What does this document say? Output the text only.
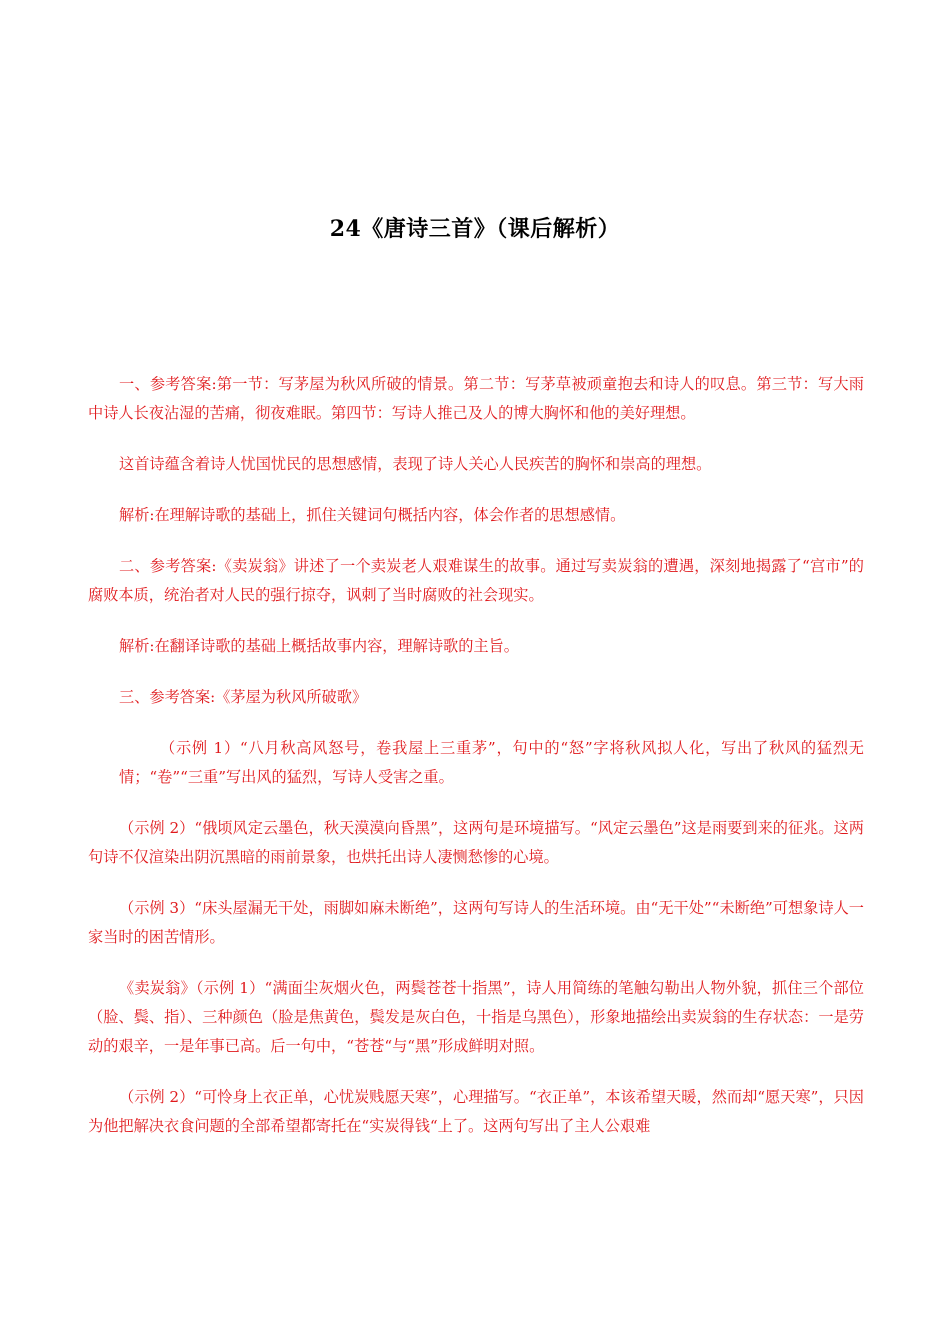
24《唐诗三首》（课后解析）

一、参考答案:第一节：写茅屋为秋风所破的情景。第二节：写茅草被顽童抱去和诗人的叹息。第三节：写大雨中诗人长夜沾湿的苦痛，彻夜难眠。第四节：写诗人推己及人的博大胸怀和他的美好理想。

这首诗蕴含着诗人忧国忧民的思想感情，表现了诗人关心人民疾苦的胸怀和崇高的理想。

解析:在理解诗歌的基础上，抓住关键词句概括内容，体会作者的思想感情。

二、参考答案:《卖炭翁》讲述了一个卖炭老人艰难谋生的故事。通过写卖炭翁的遭遇，深刻地揭露了“宫市”的腐败本质，统治者对人民的强行掠夺，讽刺了当时腐败的社会现实。

解析:在翻译诗歌的基础上概括故事内容，理解诗歌的主旨。

三、参考答案:《茅屋为秋风所破歌》

（示例 1）“八月秋高风怒号，卷我屋上三重茅”，句中的“怒”字将秋风拟人化，写出了秋风的猛烈无情；“卷”“三重”写出风的猛烈，写诗人受害之重。

（示例 2）“俄顷风定云墨色，秋天漠漠向昏黑”，这两句是环境描写。“风定云墨色”这是雨要到来的征兆。这两句诗不仅渲染出阴沉黑暗的雨前景象，也烘托出诗人凄恻愁惨的心境。

（示例 3）“床头屋漏无干处，雨脚如麻未断绝”，这两句写诗人的生活环境。由“无干处”“未断绝”可想象诗人一家当时的困苦情形。

《卖炭翁》（示例 1）“满面尘灰烟火色，两鬓苍苍十指黑”，诗人用简练的笔触勾勒出人物外貌，抓住三个部位（脸、鬓、指）、三种颜色（脸是焦黄色，鬓发是灰白色，十指是乌黑色），形象地描绘出卖炭翁的生存状态：一是劳动的艰辛，一是年事已高。后一句中，“苍苍“与“黑”形成鲜明对照。

（示例 2）“可怜身上衣正单，心忧炭贱愿天寒”，心理描写。“衣正单”，本该希望天暖，然而却“愿天寒”，只因为他把解决衣食问题的全部希望都寄托在“实炭得钱“上了。这两句写出了主人公艰难
